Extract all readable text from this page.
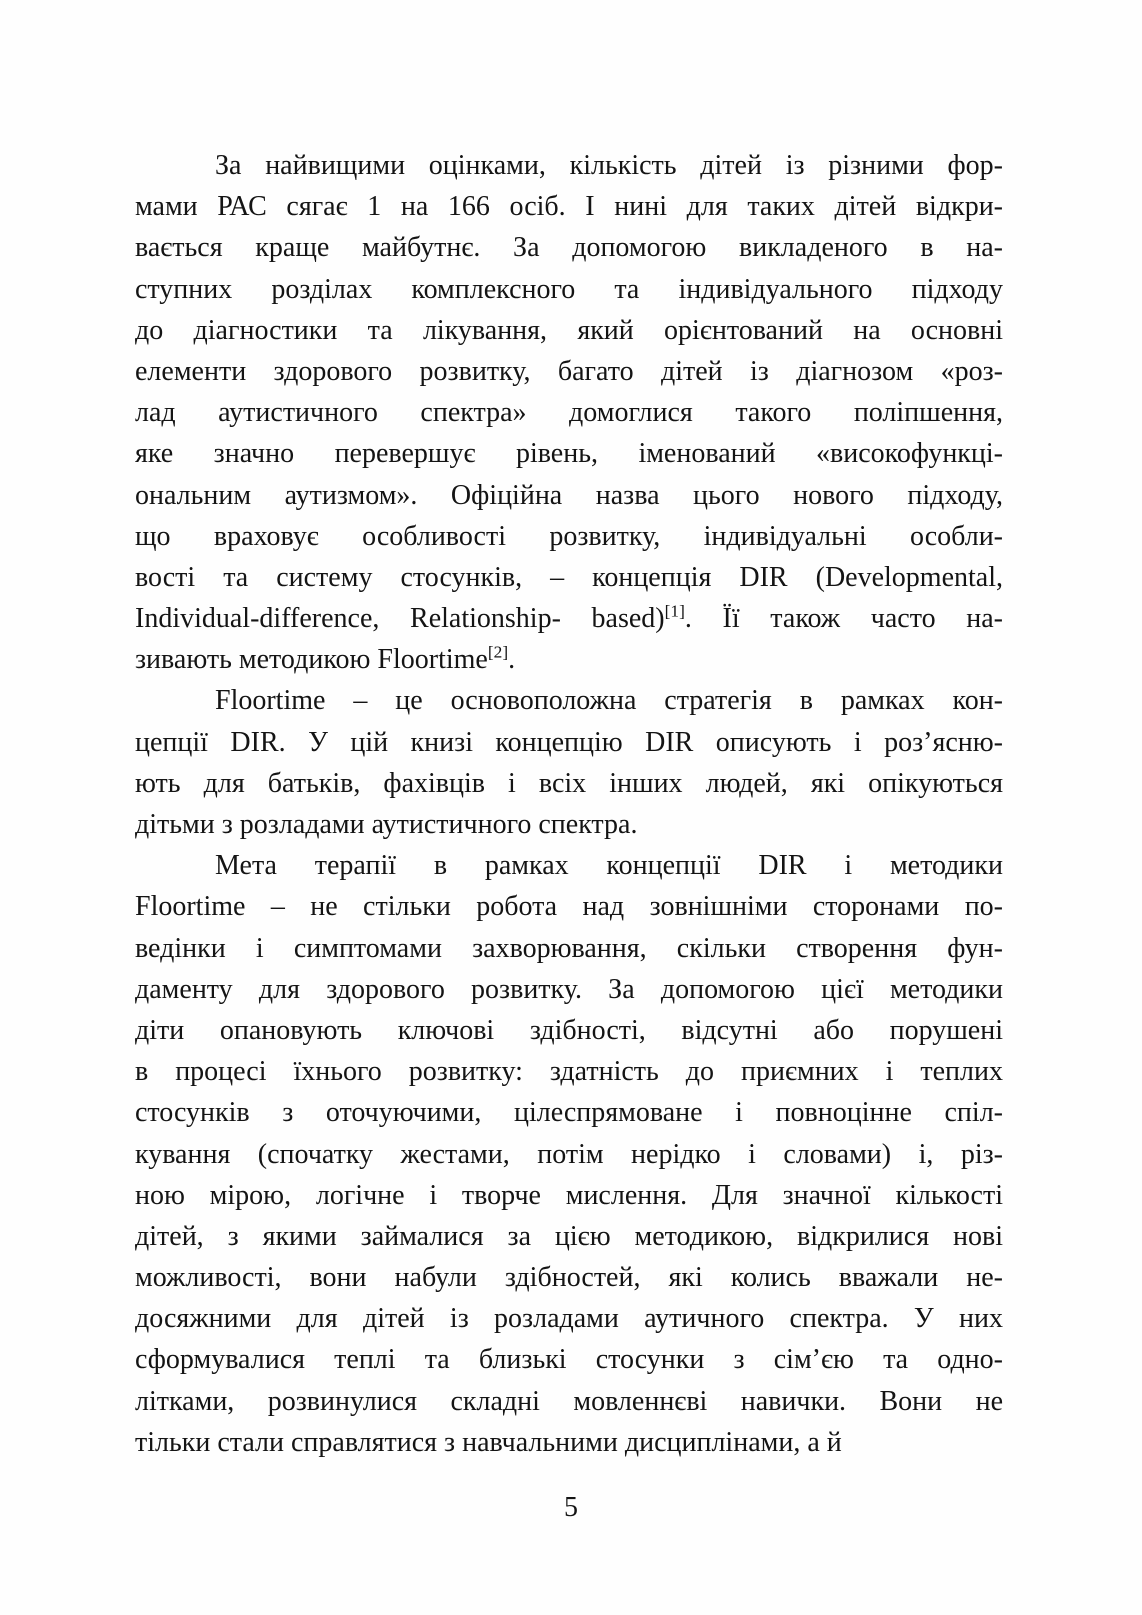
За найвищими оцінками, кількість дітей із різними фор-
мами РАС сягає 1 на 166 осіб. І нині для таких дітей відкри-
вається краще майбутнє. За допомогою викладеного в на-
ступних розділах комплексного та індивідуального підходу
до діагностики та лікування, який орієнтований на основні
елементи здорового розвитку, багато дітей із діагнозом «роз-
лад аутистичного спектра» домоглися такого поліпшення,
яке значно перевершує рівень, іменований «високофункці-
ональним аутизмом». Офіційна назва цього нового підходу,
що враховує особливості розвитку, індивідуальні особли-
вості та систему стосунків, – концепція DIR (Developmental,
Individual-difference, Relationship- based)[1]. Її також часто на-
зивають методикою Floortime[2].
Floortime – це основоположна стратегія в рамках кон-
цепції DIR. У цій книзі концепцію DIR описують і роз’ясню-
ють для батьків, фахівців і всіх інших людей, які опікуються
дітьми з розладами аутистичного спектра.
Мета терапії в рамках концепції DIR і методики
Floortime – не стільки робота над зовнішніми сторонами по-
ведінки і симптомами захворювання, скільки створення фун-
даменту для здорового розвитку. За допомогою цієї методики
діти опановують ключові здібності, відсутні або порушені
в процесі їхнього розвитку: здатність до приємних і теплих
стосунків з оточуючими, цілеспрямоване і повноцінне спіл-
кування (спочатку жестами, потім нерідко і словами) і, різ-
ною мірою, логічне і творче мислення. Для значної кількості
дітей, з якими займалися за цією методикою, відкрилися нові
можливості, вони набули здібностей, які колись вважали не-
досяжними для дітей із розладами аутичного спектра. У них
сформувалися теплі та близькі стосунки з сім’єю та одно-
літками, розвинулися складні мовленнєві навички. Вони не
тільки стали справлятися з навчальними дисциплінами, а й
5
